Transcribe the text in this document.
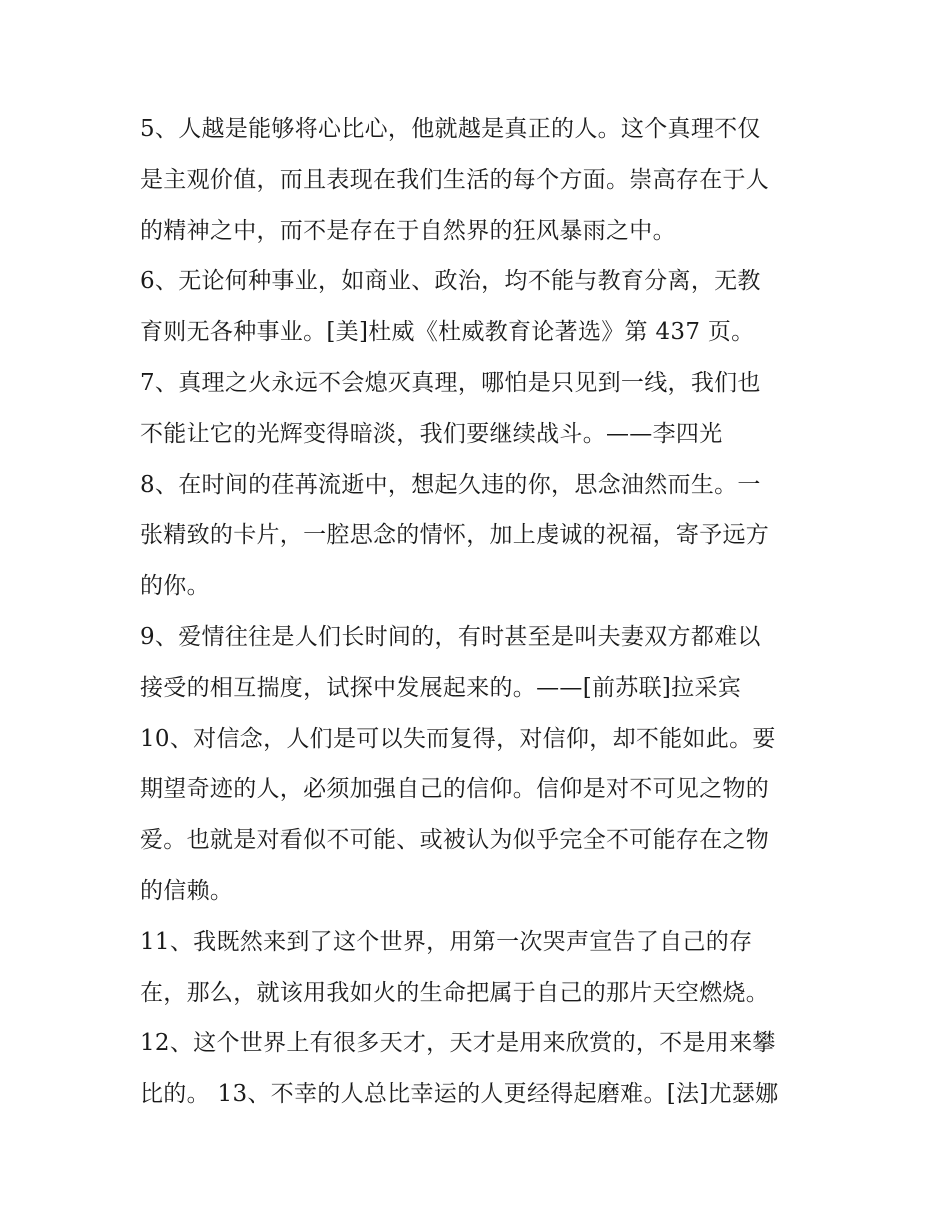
5、人越是能够将心比心，他就越是真正的人。这个真理不仅
是主观价值，而且表现在我们生活的每个方面。崇高存在于人
的精神之中，而不是存在于自然界的狂风暴雨之中。
6、无论何种事业，如商业、政治，均不能与教育分离，无教
育则无各种事业。[美]杜威《杜威教育论著选》第 437 页。
7、真理之火永远不会熄灭真理，哪怕是只见到一线，我们也
不能让它的光辉变得暗淡，我们要继续战斗。——李四光
8、在时间的荏苒流逝中，想起久违的你，思念油然而生。一
张精致的卡片，一腔思念的情怀，加上虔诚的祝福，寄予远方
的你。
9、爱情往往是人们长时间的，有时甚至是叫夫妻双方都难以
接受的相互揣度，试探中发展起来的。——[前苏联]拉采宾
10、对信念，人们是可以失而复得，对信仰，却不能如此。要
期望奇迹的人，必须加强自己的信仰。信仰是对不可见之物的
爱。也就是对看似不可能、或被认为似乎完全不可能存在之物
的信赖。
11、我既然来到了这个世界，用第一次哭声宣告了自己的存
在，那么，就该用我如火的生命把属于自己的那片天空燃烧。
12、这个世界上有很多天才，天才是用来欣赏的，不是用来攀
比的。 13、不幸的人总比幸运的人更经得起磨难。[法]尤瑟娜
